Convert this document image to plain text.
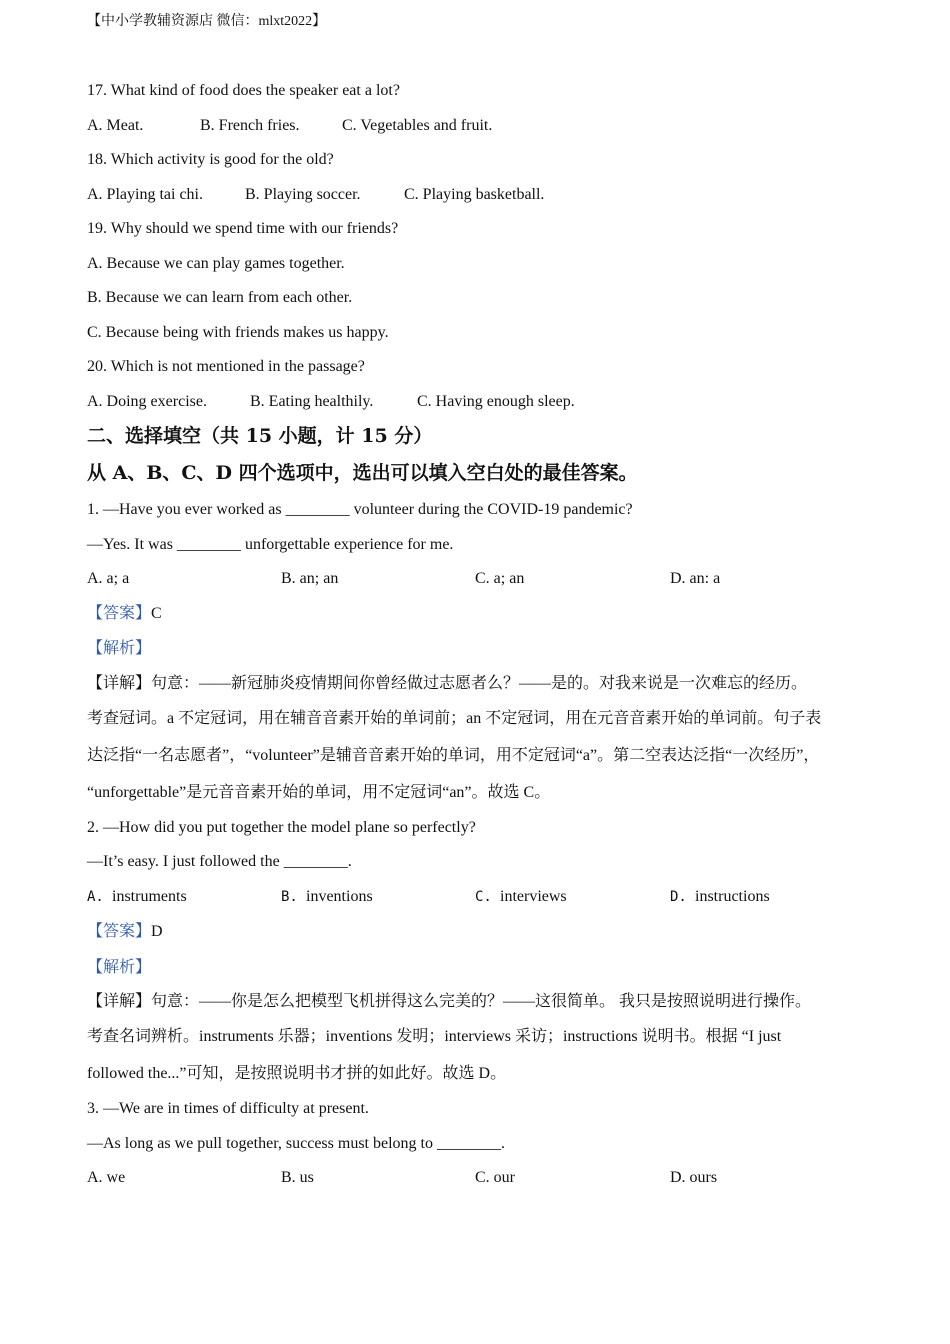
【中小学教辅资源店 微信：mlxt2022】
17. What kind of food does the speaker eat a lot?
A. Meat.	B. French fries.	C. Vegetables and fruit.
18. Which activity is good for the old?
A. Playing tai chi.	B. Playing soccer.	C. Playing basketball.
19. Why should we spend time with our friends?
A. Because we can play games together.
B. Because we can learn from each other.
C. Because being with friends makes us happy.
20. Which is not mentioned in the passage?
A. Doing exercise.	B. Eating healthily.	C. Having enough sleep.
二、选择填空（共 15 小题，计 15 分）
从 A、B、C、D 四个选项中，选出可以填入空白处的最佳答案。
1. —Have you ever worked as ________ volunteer during the COVID-19 pandemic?
—Yes. It was ________ unforgettable experience for me.
A. a; a	B. an; an	C. a; an	D. an: a
【答案】C
【解析】
【详解】句意：——新冠肺炎疫情期间你曾经做过志愿者么？——是的。对我来说是一次难忘的经历。
考查冠词。a 不定冠词，用在辅音音素开始的单词前；an 不定冠词，用在元音音素开始的单词前。句子表
达泛指“一名志愿者”，“volunteer”是辅音音素开始的单词，用不定冠词“a”。第二空表达泛指“一次经历”，
“unforgettable”是元音音素开始的单词，用不定冠词“an”。故选 C。
2. —How did you put together the model plane so perfectly?
—It’s easy. I just followed the ________.
A. instruments	B. inventions	C. interviews	D. instructions
【答案】D
【解析】
【详解】句意：——你是怎么把模型飞机拼得这么完美的？——这很简单。 我只是按照说明进行操作。
考查名词辨析。instruments 乐器；inventions 发明；interviews 采访；instructions 说明书。根据 “I just
followed the...”可知，是按照说明书才拼的如此好。故选 D。
3. —We are in times of difficulty at present.
—As long as we pull together, success must belong to ________.
A. we	B. us	C. our	D. ours
